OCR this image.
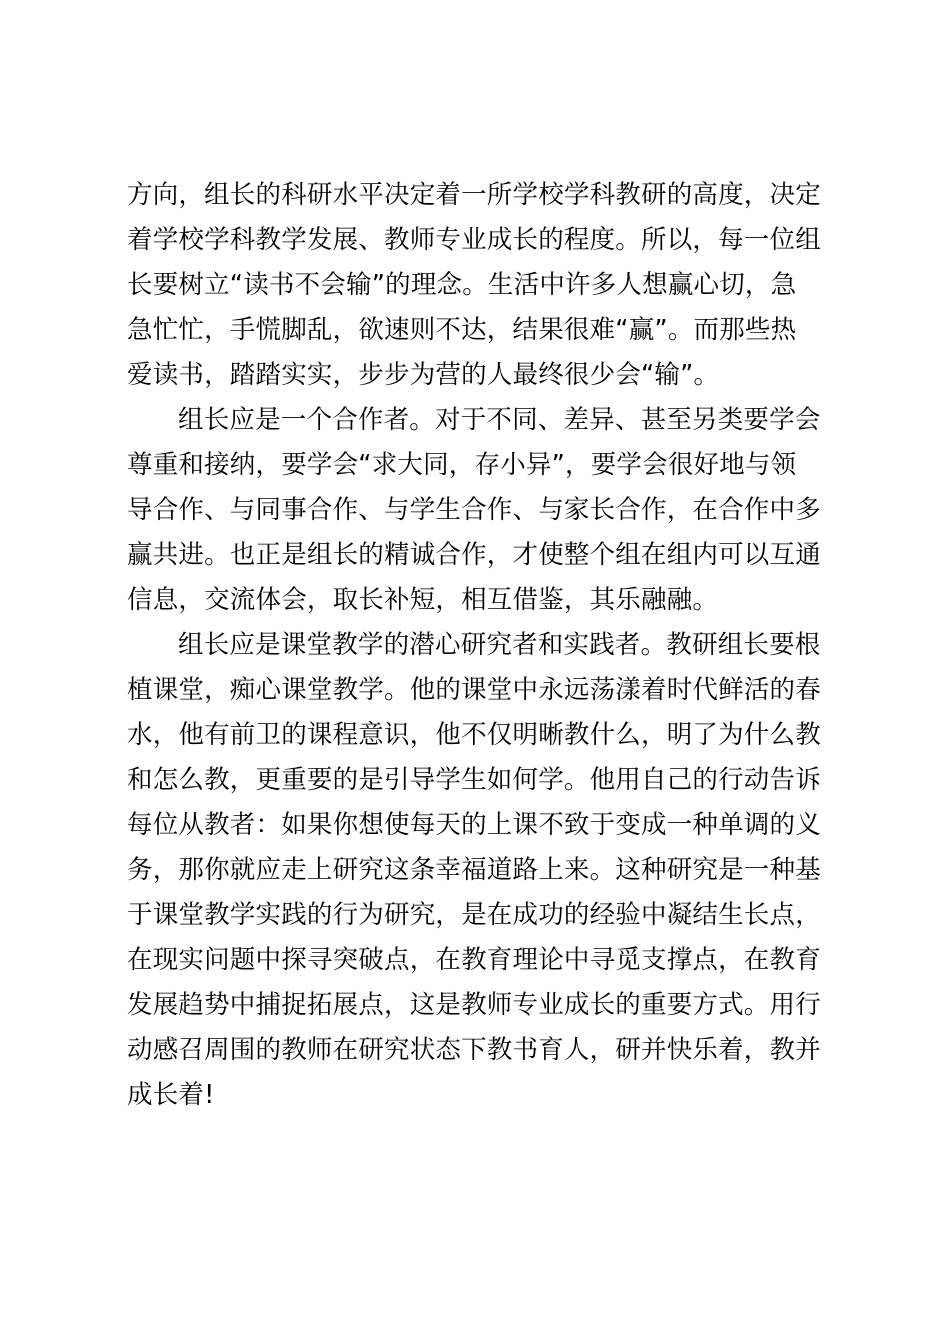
方向，组长的科研水平决定着一所学校学科教研的高度，决定
着学校学科教学发展、教师专业成长的程度。所以，每一位组
长要树立“读书不会输”的理念。生活中许多人想赢心切，急
急忙忙，手慌脚乱，欲速则不达，结果很难“赢”。而那些热
爱读书，踏踏实实，步步为营的人最终很少会“输”。
组长应是一个合作者。对于不同、差异、甚至另类要学会
尊重和接纳，要学会“求大同，存小异”，要学会很好地与领
导合作、与同事合作、与学生合作、与家长合作，在合作中多
赢共进。也正是组长的精诚合作，才使整个组在组内可以互通
信息，交流体会，取长补短，相互借鉴，其乐融融。
组长应是课堂教学的潜心研究者和实践者。教研组长要根
植课堂，痴心课堂教学。他的课堂中永远荡漾着时代鲜活的春
水，他有前卫的课程意识，他不仅明晰教什么，明了为什么教
和怎么教，更重要的是引导学生如何学。他用自己的行动告诉
每位从教者：如果你想使每天的上课不致于变成一种单调的义
务，那你就应走上研究这条幸福道路上来。这种研究是一种基
于课堂教学实践的行为研究，是在成功的经验中凝结生长点，
在现实问题中探寻突破点，在教育理论中寻觅支撑点，在教育
发展趋势中捕捉拓展点，这是教师专业成长的重要方式。用行
动感召周围的教师在研究状态下教书育人，研并快乐着，教并
成长着!
